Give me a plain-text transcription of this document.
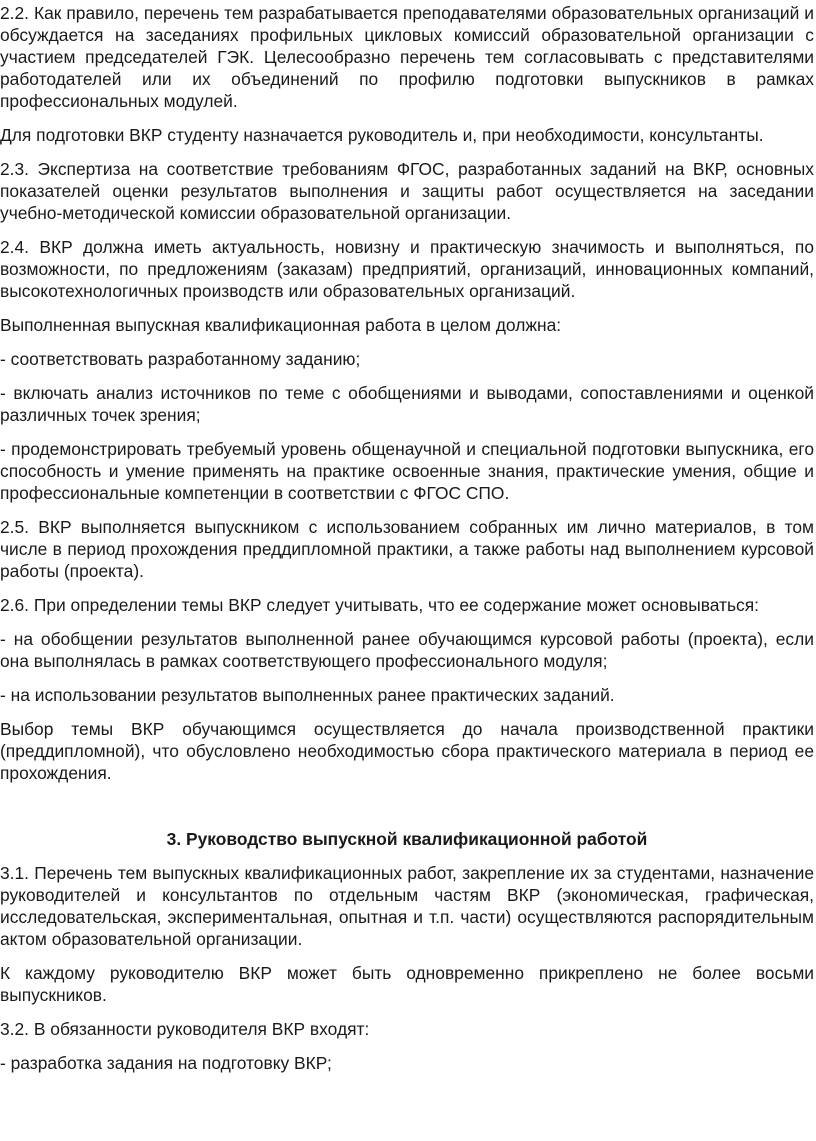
2.2. Как правило, перечень тем разрабатывается преподавателями образовательных организаций и обсуждается на заседаниях профильных цикловых комиссий образовательной организации с участием председателей ГЭК. Целесообразно перечень тем согласовывать с представителями работодателей или их объединений по профилю подготовки выпускников в рамках профессиональных модулей.

Для подготовки ВКР студенту назначается руководитель и, при необходимости, консультанты.

2.3. Экспертиза на соответствие требованиям ФГОС, разработанных заданий на ВКР, основных показателей оценки результатов выполнения и защиты работ осуществляется на заседании учебно-методической комиссии образовательной организации.

2.4. ВКР должна иметь актуальность, новизну и практическую значимость и выполняться, по возможности, по предложениям (заказам) предприятий, организаций, инновационных компаний, высокотехнологичных производств или образовательных организаций.

Выполненная выпускная квалификационная работа в целом должна:

- соответствовать разработанному заданию;

- включать анализ источников по теме с обобщениями и выводами, сопоставлениями и оценкой различных точек зрения;

- продемонстрировать требуемый уровень общенаучной и специальной подготовки выпускника, его способность и умение применять на практике освоенные знания, практические умения, общие и профессиональные компетенции в соответствии с ФГОС СПО.

2.5. ВКР выполняется выпускником с использованием собранных им лично материалов, в том числе в период прохождения преддипломной практики, а также работы над выполнением курсовой работы (проекта).

2.6. При определении темы ВКР следует учитывать, что ее содержание может основываться:

- на обобщении результатов выполненной ранее обучающимся курсовой работы (проекта), если она выполнялась в рамках соответствующего профессионального модуля;

- на использовании результатов выполненных ранее практических заданий.

Выбор темы ВКР обучающимся осуществляется до начала производственной практики (преддипломной), что обусловлено необходимостью сбора практического материала в период ее прохождения.

3. Руководство выпускной квалификационной работой

3.1. Перечень тем выпускных квалификационных работ, закрепление их за студентами, назначение руководителей и консультантов по отдельным частям ВКР (экономическая, графическая, исследовательская, экспериментальная, опытная и т.п. части) осуществляются распорядительным актом образовательной организации.

К каждому руководителю ВКР может быть одновременно прикреплено не более восьми выпускников.

3.2. В обязанности руководителя ВКР входят:

- разработка задания на подготовку ВКР;
